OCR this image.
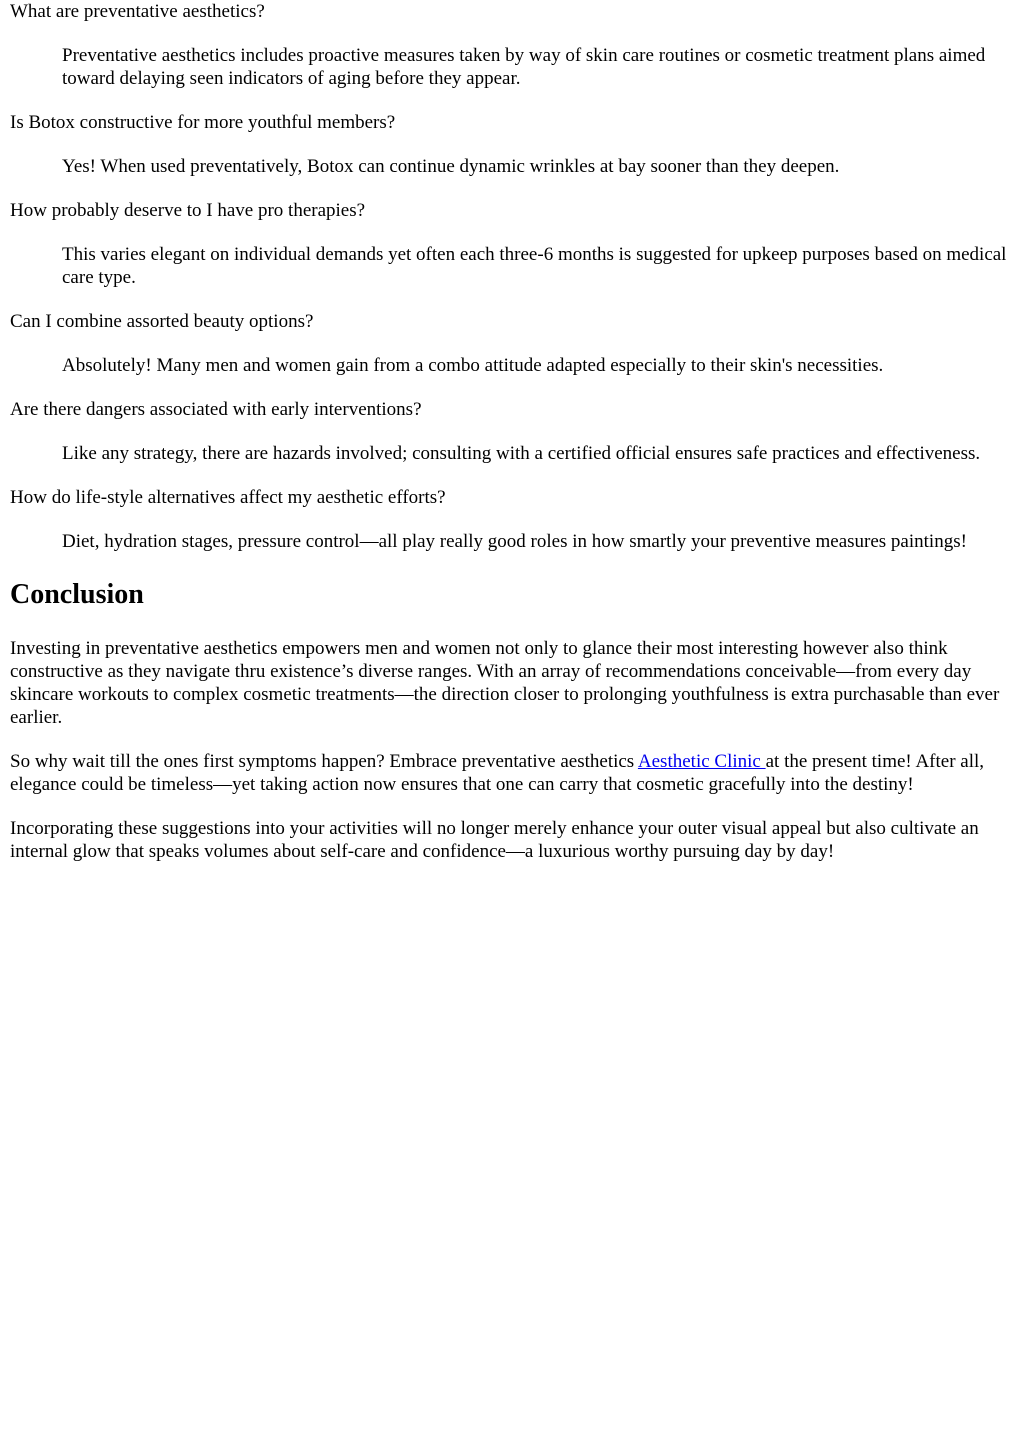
What are preventative aesthetics?
Preventative aesthetics includes proactive measures taken by way of skin care routines or cosmetic treatment plans aimed toward delaying seen indicators of aging before they appear.
Is Botox constructive for more youthful members?
Yes! When used preventatively, Botox can continue dynamic wrinkles at bay sooner than they deepen.
How probably deserve to I have pro therapies?
This varies elegant on individual demands yet often each three-6 months is suggested for upkeep purposes based on medical care type.
Can I combine assorted beauty options?
Absolutely! Many men and women gain from a combo attitude adapted especially to their skin's necessities.
Are there dangers associated with early interventions?
Like any strategy, there are hazards involved; consulting with a certified official ensures safe practices and effectiveness.
How do life-style alternatives affect my aesthetic efforts?
Diet, hydration stages, pressure control—all play really good roles in how smartly your preventive measures paintings!
Conclusion

Investing in preventative aesthetics empowers men and women not only to glance their most interesting however also think constructive as they navigate thru existence’s diverse ranges. With an array of recommendations conceivable—from every day skincare workouts to complex cosmetic treatments—the direction closer to prolonging youthfulness is extra purchasable than ever earlier.

So why wait till the ones first symptoms happen? Embrace preventative aesthetics Aesthetic Clinic at the present time! After all, elegance could be timeless—yet taking action now ensures that one can carry that cosmetic gracefully into the destiny!

Incorporating these suggestions into your activities will no longer merely enhance your outer visual appeal but also cultivate an internal glow that speaks volumes about self-care and confidence—a luxurious worthy pursuing day by day!
